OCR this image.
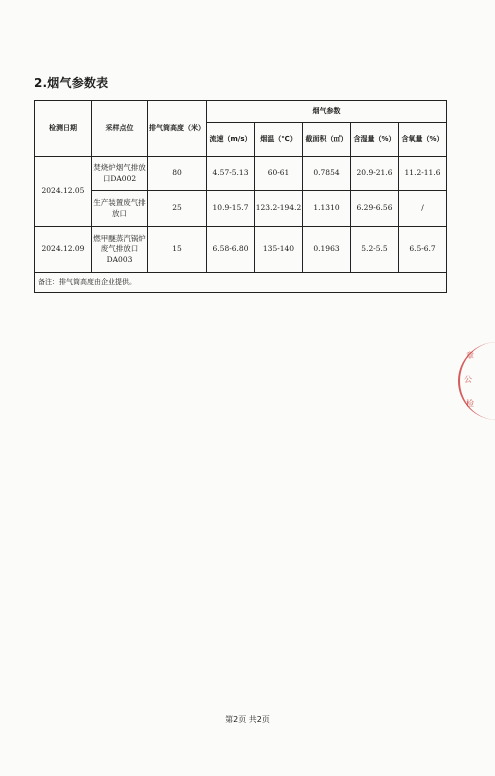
2.烟气参数表
检测日期	采样点位	排气筒高度（米）	烟气参数				
			流速（m/s）	烟温（℃）	截面积（㎡）	含湿量（%）	含氧量（%）
2024.12.05	焚烧炉烟气排放口DA002	80	4.57-5.13	60-61	0.7854	20.9-21.6	11.2-11.6
	生产装置废气排放口	25	10.9-15.7	123.2-194.2	1.1310	6.29-6.56	/
2024.12.09	燃甲醚蒸汽锅炉废气排放口DA003	15	6.58-6.80	135-140	0.1963	5.2-5.5	6.5-6.7
备注：排气筒高度由企业提供。							
章
公
检
第2页 共2页
